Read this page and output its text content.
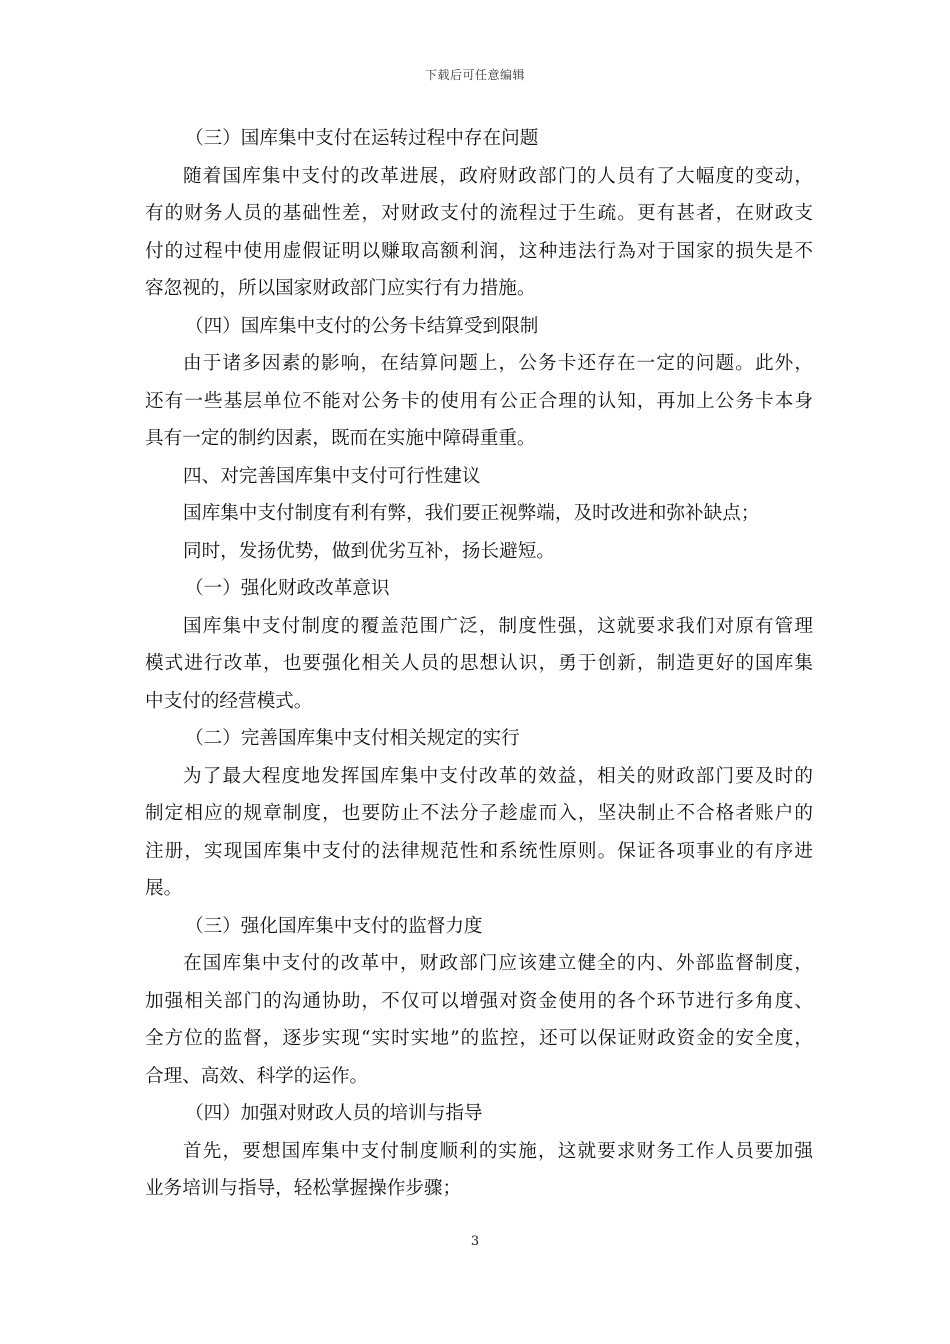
下载后可任意编辑
（三）国库集中支付在运转过程中存在问题
随着国库集中支付的改革进展，政府财政部门的人员有了大幅度的变动，
有的财务人员的基础性差，对财政支付的流程过于生疏。更有甚者，在财政支
付的过程中使用虚假证明以赚取高额利润，这种违法行為对于国家的损失是不
容忽视的，所以国家财政部门应实行有力措施。
（四）国库集中支付的公务卡结算受到限制
由于诸多因素的影响，在结算问题上，公务卡还存在一定的问题。此外，
还有一些基层单位不能对公务卡的使用有公正合理的认知，再加上公务卡本身
具有一定的制约因素，既而在实施中障碍重重。
四、对完善国库集中支付可行性建议
国库集中支付制度有利有弊，我们要正视弊端，及时改进和弥补缺点；
同时，发扬优势，做到优劣互补，扬长避短。
（一）强化财政改革意识
国库集中支付制度的覆盖范围广泛，制度性强，这就要求我们对原有管理
模式进行改革，也要强化相关人员的思想认识，勇于创新，制造更好的国库集
中支付的经营模式。
（二）完善国库集中支付相关规定的实行
为了最大程度地发挥国库集中支付改革的效益，相关的财政部门要及时的
制定相应的规章制度，也要防止不法分子趁虚而入，坚决制止不合格者账户的
注册，实现国库集中支付的法律规范性和系统性原则。保证各项事业的有序进
展。
（三）强化国库集中支付的监督力度
在国库集中支付的改革中，财政部门应该建立健全的内、外部监督制度，
加强相关部门的沟通协助，不仅可以增强对资金使用的各个环节进行多角度、
全方位的监督，逐步实现“实时实地”的监控，还可以保证财政资金的安全度，
合理、高效、科学的运作。
（四）加强对财政人员的培训与指导
首先，要想国库集中支付制度顺利的实施，这就要求财务工作人员要加强
业务培训与指导，轻松掌握操作步骤；
3
